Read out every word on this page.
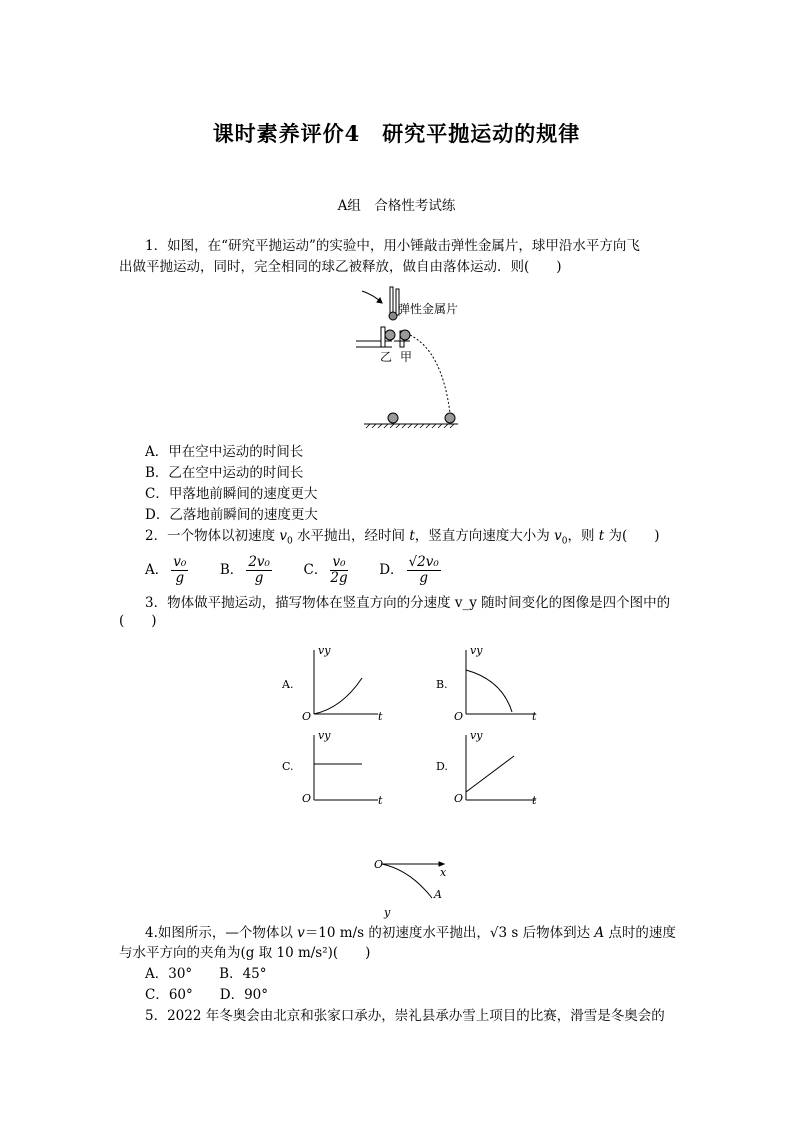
课时素养评价4　研究平抛运动的规律
A组　合格性考试练
1．如图，在“研究平抛运动”的实验中，用小锤敲击弹性金属片，球甲沿水平方向飞
出做平抛运动，同时，完全相同的球乙被释放，做自由落体运动．则(　　)
弹性金属片
乙 甲
A．甲在空中运动的时间长
B．乙在空中运动的时间长
C．甲落地前瞬间的速度更大
D．乙落地前瞬间的速度更大
2．一个物体以初速度 $v_0$ 水平抛出，经时间 t，竖直方向速度大小为 $v_0$，则 t 为(　　)
A． $\frac{\text{v₀}}{g}$ B． $\frac{\text{2v₀}}{g}$ C． $\frac{\text{v₀}}{2g}$ D． $\frac{\text{√2v₀}}{g}$
3．物体做平抛运动，描写物体在竖直方向的分速度 v_y 随时间变化的图像是四个图中的
(　　)
A.
vy
t
O
B.
vy
t
O
C.
vy
t
O
D.
vy
t
O
O
x
A
y
4.如图所示，—个物体以 v＝10 m/s 的初速度水平抛出，√3 s 后物体到达 A 点时的速度
与水平方向的夹角为(g 取 10 m/s²)(　　)
A．30°　　B．45°
C．60°　　D．90°
5．2022 年冬奥会由北京和张家口承办，崇礼县承办雪上项目的比赛，滑雪是冬奥会的
